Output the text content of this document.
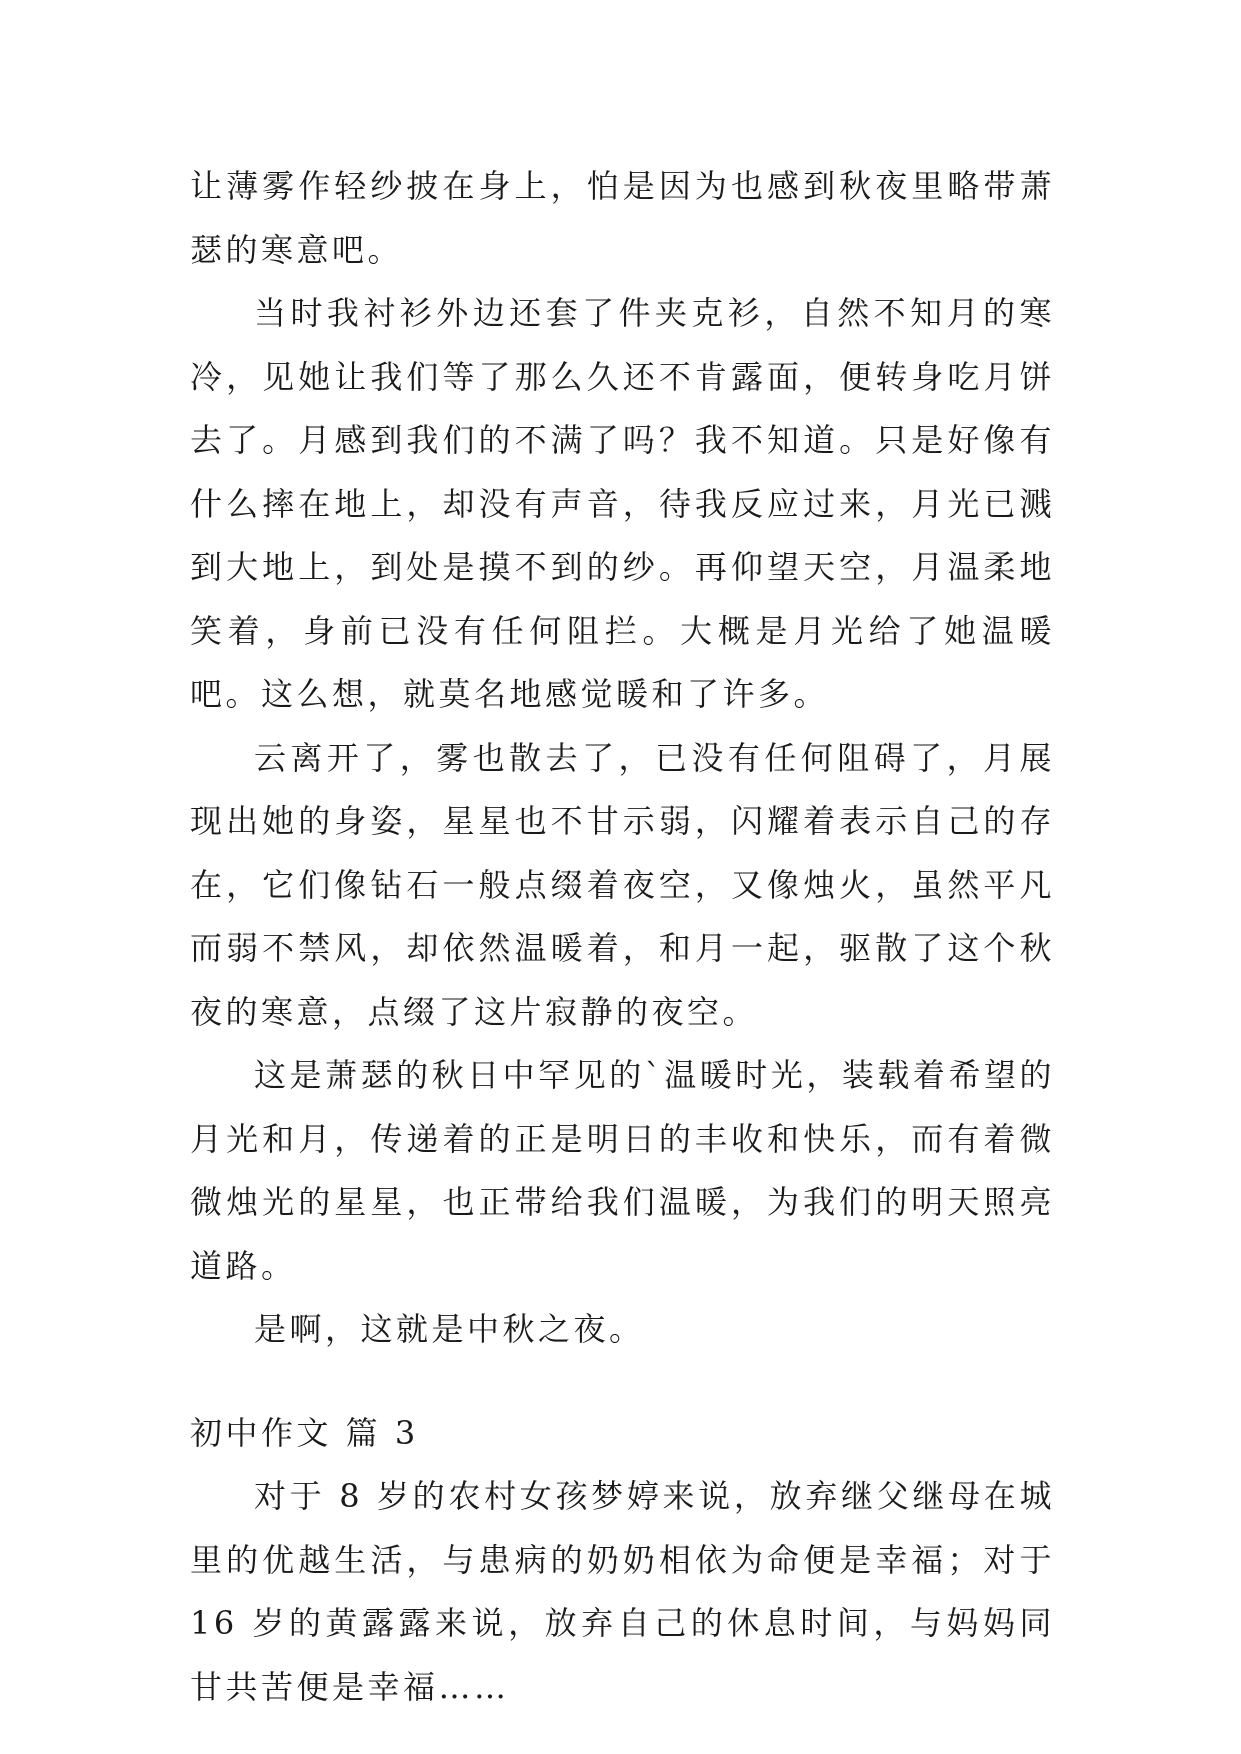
让薄雾作轻纱披在身上，怕是因为也感到秋夜里略带萧瑟的寒意吧。

当时我衬衫外边还套了件夹克衫，自然不知月的寒冷，见她让我们等了那么久还不肯露面，便转身吃月饼去了。月感到我们的不满了吗？我不知道。只是好像有什么摔在地上，却没有声音，待我反应过来，月光已溅到大地上，到处是摸不到的纱。再仰望天空，月温柔地笑着，身前已没有任何阻拦。大概是月光给了她温暖吧。这么想，就莫名地感觉暖和了许多。

云离开了，雾也散去了，已没有任何阻碍了，月展现出她的身姿，星星也不甘示弱，闪耀着表示自己的存在，它们像钻石一般点缀着夜空，又像烛火，虽然平凡而弱不禁风，却依然温暖着，和月一起，驱散了这个秋夜的寒意，点缀了这片寂静的夜空。

这是萧瑟的秋日中罕见的`温暖时光，装载着希望的月光和月，传递着的正是明日的丰收和快乐，而有着微微烛光的星星，也正带给我们温暖，为我们的明天照亮道路。

是啊，这就是中秋之夜。

初中作文 篇 3

对于 8 岁的农村女孩梦婷来说，放弃继父继母在城里的优越生活，与患病的奶奶相依为命便是幸福；对于 16 岁的黄露露来说，放弃自己的休息时间，与妈妈同甘共苦便是幸福……
